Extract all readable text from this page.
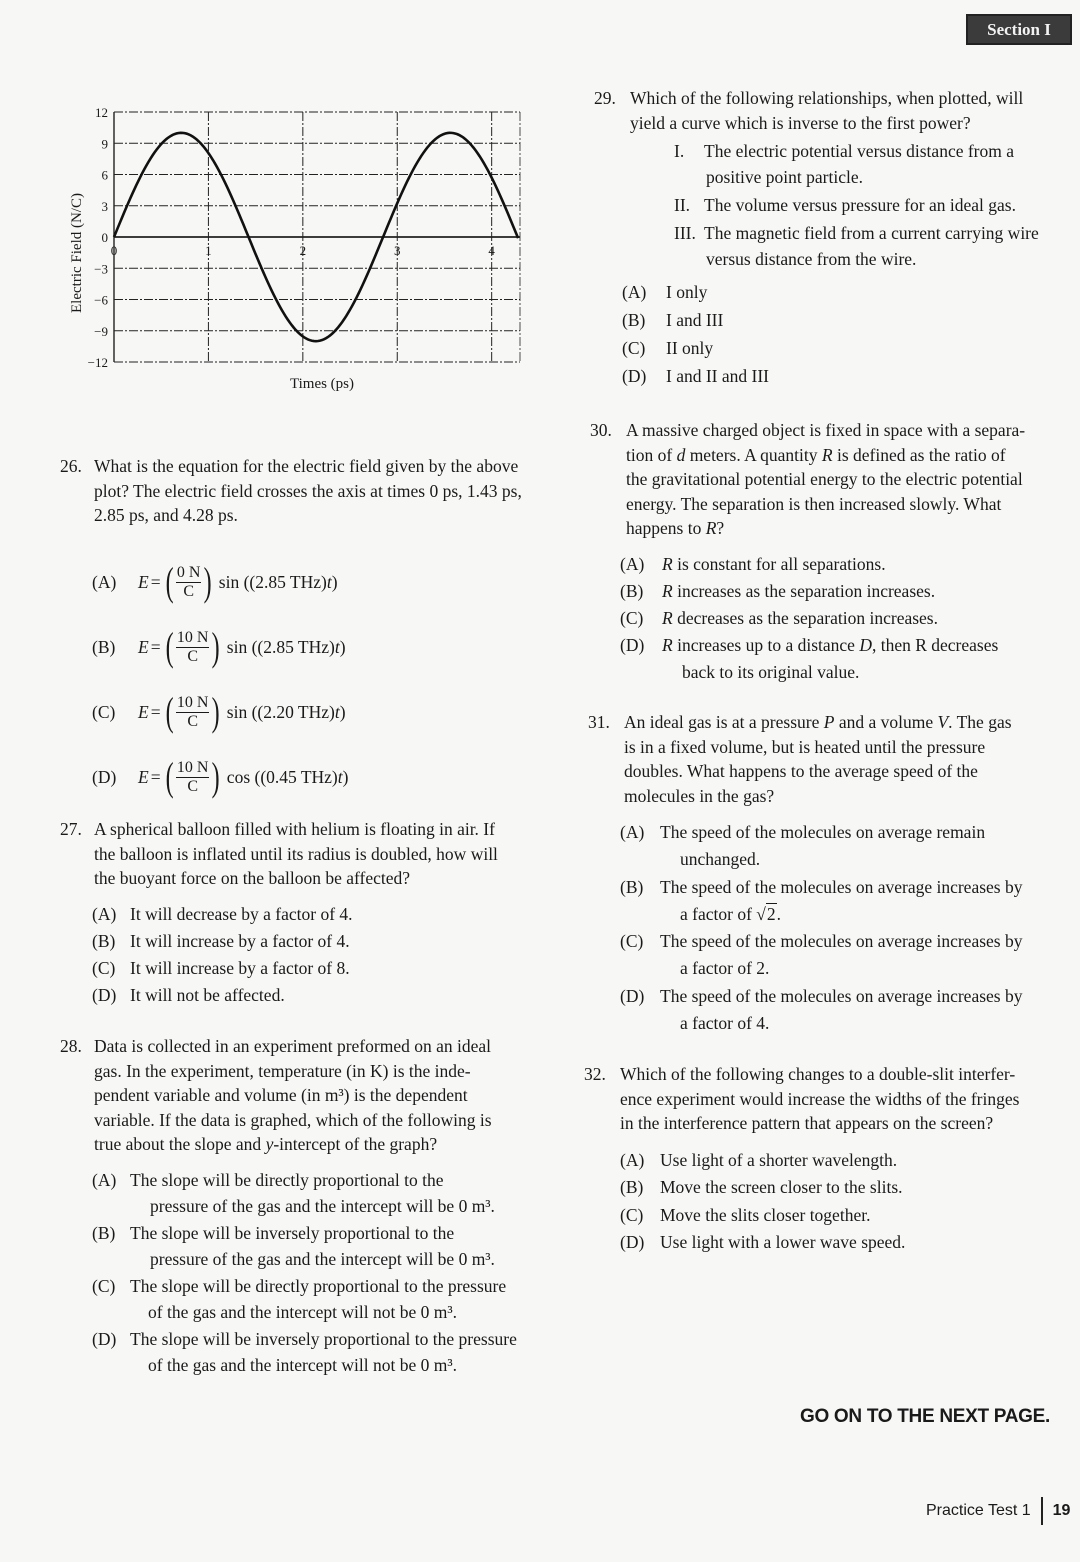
Section I
12
9
6
3
0
−3
−6
−9
−12
0	1	2	3	4
Times (ps)
Electric Field (N/C)
26. What is the equation for the electric field given by the above plot? The electric field crosses the axis at times 0 ps, 1.43 ps, 2.85 ps, and 4.28 ps.
(A)	E = ( $\frac{0 N}{C}$ ) sin ((2.85 THz) t )
(B)	E = ( $\frac{10 N}{C}$ ) sin ((2.85 THz) t )
(C)	E = ( $\frac{10 N}{C}$ ) sin ((2.20 THz) t )
(D)	E = ( $\frac{10 N}{C}$ ) cos ((0.45 THz) t )
27. A spherical balloon filled with helium is floating in air. If
the balloon is inflated until its radius is doubled, how will
the buoyant force on the balloon be affected?
(A) It will decrease by a factor of 4.
(B) It will increase by a factor of 4.
(C) It will increase by a factor of 8.
(D) It will not be affected.
28. Data is collected in an experiment preformed on an ideal
gas. In the experiment, temperature (in K) is the inde-
pendent variable and volume (in m³) is the dependent
variable. If the data is graphed, which of the following is
true about the slope and y-intercept of the graph?
(A) The slope will be directly proportional to the
pressure of the gas and the intercept will be 0 m³.
(B) The slope will be inversely proportional to the
pressure of the gas and the intercept will be 0 m³.
(C) The slope will be directly proportional to the pressure
of the gas and the intercept will not be 0 m³.
(D) The slope will be inversely proportional to the pressure
of the gas and the intercept will not be 0 m³.
29. Which of the following relationships, when plotted, will
yield a curve which is inverse to the first power?
I.	The electric potential versus distance from a
positive point particle.
II. The volume versus pressure for an ideal gas.
III. The magnetic field from a current carrying wire
versus distance from the wire.
(A)	I only
(B)	I and III
(C)	II only
(D)	I and II and III
30. A massive charged object is fixed in space with a separa-
tion of d meters. A quantity R is defined as the ratio of
the gravitational potential energy to the electric potential
energy. The separation is then increased slowly. What
happens to R?
(A)	R is constant for all separations.
(B)	R increases as the separation increases.
(C)	R decreases as the separation increases.
(D)	R increases up to a distance D, then R decreases
back to its original value.
31. An ideal gas is at a pressure P and a volume V. The gas
is in a fixed volume, but is heated until the pressure
doubles. What happens to the average speed of the
molecules in the gas?
(A) The speed of the molecules on average remain
unchanged.
(B) The speed of the molecules on average increases by
a factor of √2.
(C) The speed of the molecules on average increases by
a factor of 2.
(D) The speed of the molecules on average increases by
a factor of 4.
32. Which of the following changes to a double-slit interfer-
ence experiment would increase the widths of the fringes
in the interference pattern that appears on the screen?
(A) Use light of a shorter wavelength.
(B) Move the screen closer to the slits.
(C) Move the slits closer together.
(D) Use light with a lower wave speed.
GO ON TO THE NEXT PAGE.
Practice Test 1 19
